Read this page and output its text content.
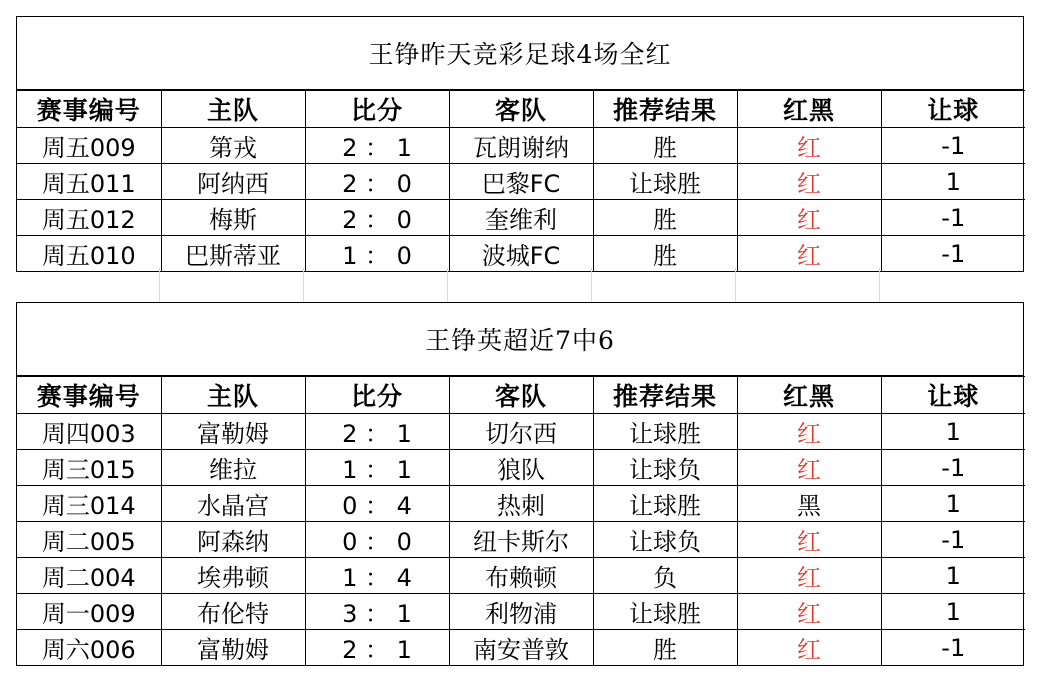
王铮昨天竞彩足球4场全红
赛事编号	主队	比分	客队	推荐结果	红黑	让球
周五009	第戎	2 ： 1	瓦朗谢纳	胜	红	-1
周五011	阿纳西	2 ： 0	巴黎FC	让球胜	红	1
周五012	梅斯	2 ： 0	奎维利	胜	红	-1
周五010	巴斯蒂亚	1 ： 0	波城FC	胜	红	-1
王铮英超近7中6
赛事编号	主队	比分	客队	推荐结果	红黑	让球
周四003	富勒姆	2 ： 1	切尔西	让球胜	红	1
周三015	维拉	1 ： 1	狼队	让球负	红	-1
周三014	水晶宫	0 ： 4	热刺	让球胜	黑	1
周二005	阿森纳	0 ： 0	纽卡斯尔	让球负	红	-1
周二004	埃弗顿	1 ： 4	布赖顿	负	红	1
周一009	布伦特	3 ： 1	利物浦	让球胜	红	1
周六006	富勒姆	2 ： 1	南安普敦	胜	红	-1
